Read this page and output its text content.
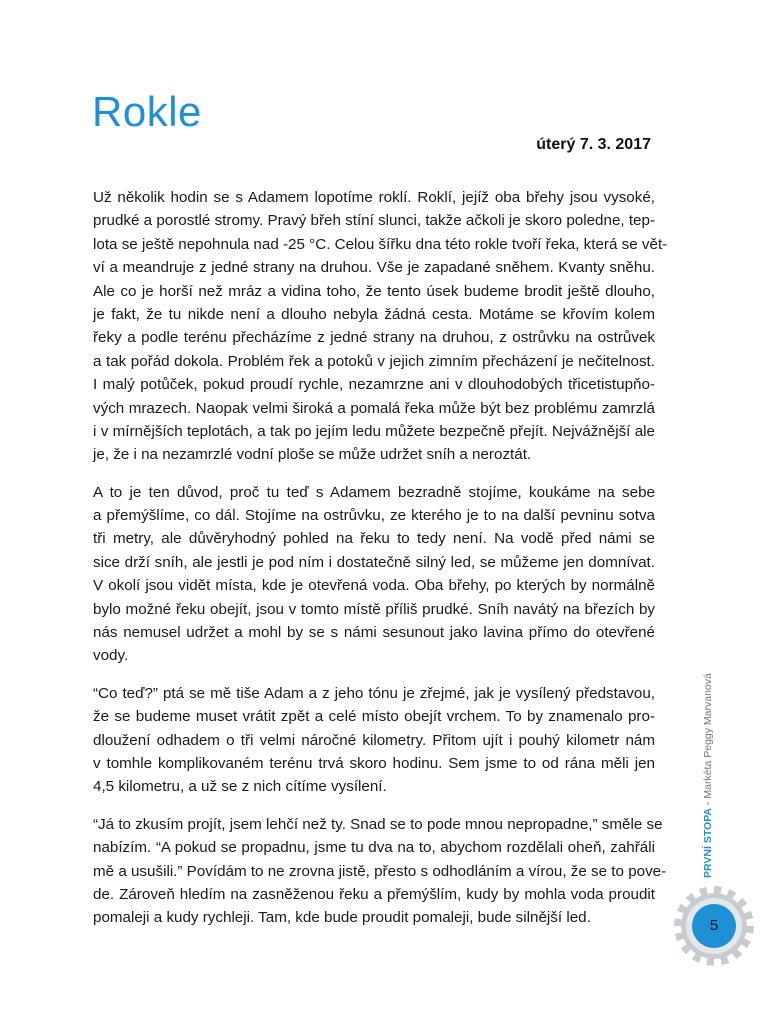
Rokle
úterý 7. 3. 2017
Už několik hodin se s Adamem lopotíme roklí. Roklí, jejíž oba břehy jsou vysoké,
prudké a porostlé stromy. Pravý břeh stíní slunci, takže ačkoli je skoro poledne, tep-
lota se ještě nepohnula nad -25 °C. Celou šířku dna této rokle tvoří řeka, která se vět-
ví a meandruje z jedné strany na druhou. Vše je zapadané sněhem. Kvanty sněhu.
Ale co je horší než mráz a vidina toho, že tento úsek budeme brodit ještě dlouho,
je fakt, že tu nikde není a dlouho nebyla žádná cesta. Motáme se křovím kolem
řeky a podle terénu přecházíme z jedné strany na druhou, z ostrůvku na ostrůvek
a tak pořád dokola. Problém řek a potoků v jejich zimním přecházení je nečitelnost.
I malý potůček, pokud proudí rychle, nezamrzne ani v dlouhodobých třicetistupňo-
vých mrazech. Naopak velmi široká a pomalá řeka může být bez problému zamrzlá
i v mírnějších teplotách, a tak po jejím ledu můžete bezpečně přejít. Nejvážnější ale
je, že i na nezamrzlé vodní ploše se může udržet sníh a neroztát.
A to je ten důvod, proč tu teď s Adamem bezradně stojíme, koukáme na sebe
a přemýšlíme, co dál. Stojíme na ostrůvku, ze kterého je to na další pevninu sotva
tři metry, ale důvěryhodný pohled na řeku to tedy není. Na vodě před námi se
sice drží sníh, ale jestli je pod ním i dostatečně silný led, se můžeme jen domnívat.
V okolí jsou vidět místa, kde je otevřená voda. Oba břehy, po kterých by normálně
bylo možné řeku obejít, jsou v tomto místě příliš prudké. Sníh navátý na březích by
nás nemusel udržet a mohl by se s námi sesunout jako lavina přímo do otevřené
vody.
“Co teď?” ptá se mě tiše Adam a z jeho tónu je zřejmé, jak je vysílený představou,
že se budeme muset vrátit zpět a celé místo obejít vrchem. To by znamenalo pro-
dloužení odhadem o tři velmi náročné kilometry. Přitom ujít i pouhý kilometr nám
v tomhle komplikovaném terénu trvá skoro hodinu. Sem jsme to od rána měli jen
4,5 kilometru, a už se z nich cítíme vysílení.
“Já to zkusím projít, jsem lehčí než ty. Snad se to pode mnou nepropadne,” směle se
nabízím. “A pokud se propadnu, jsme tu dva na to, abychom rozdělali oheň, zahřáli
mě a usušili.” Povídám to ne zrovna jistě, přesto s odhodláním a vírou, že se to pove-
de. Zároveň hledím na zasněženou řeku a přemýšlím, kudy by mohla voda proudit
pomaleji a kudy rychleji. Tam, kde bude proudit pomaleji, bude silnější led.
PRVNÍ STOPA - Markéta Peggy Marvanová
5
